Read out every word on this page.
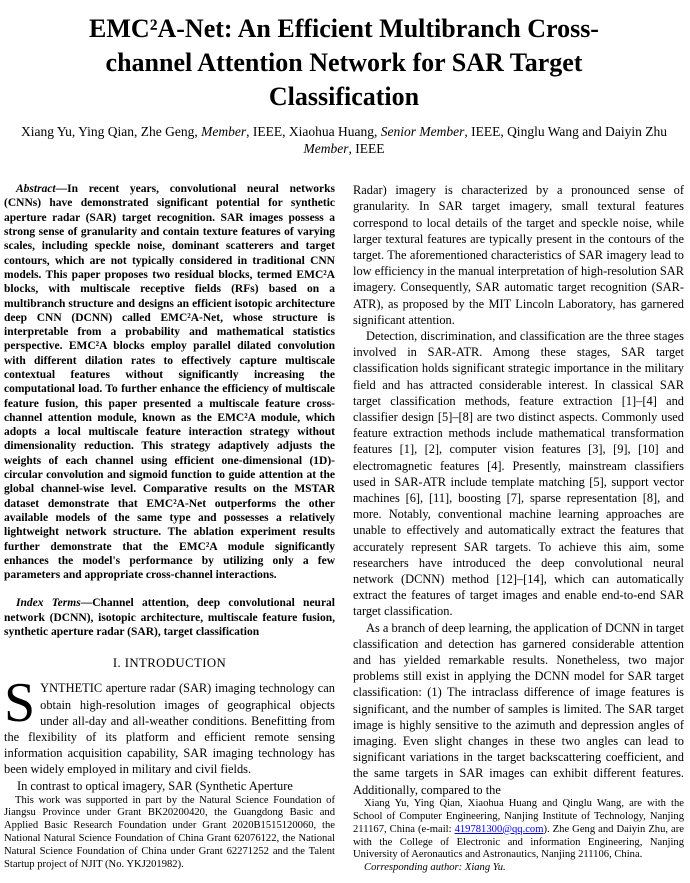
EMC²A-Net: An Efficient Multibranch Cross-channel Attention Network for SAR Target Classification
Xiang Yu, Ying Qian, Zhe Geng, Member, IEEE, Xiaohua Huang, Senior Member, IEEE, Qinglu Wang and Daiyin Zhu Member, IEEE

Abstract—In recent years, convolutional neural networks (CNNs) have demonstrated significant potential for synthetic aperture radar (SAR) target recognition. SAR images possess a strong sense of granularity and contain texture features of varying scales, including speckle noise, dominant scatterers and target contours, which are not typically considered in traditional CNN models. This paper proposes two residual blocks, termed EMC²A blocks, with multiscale receptive fields (RFs) based on a multibranch structure and designs an efficient isotopic architecture deep CNN (DCNN) called EMC²A-Net, whose structure is interpretable from a probability and mathematical statistics perspective. EMC²A blocks employ parallel dilated convolution with different dilation rates to effectively capture multiscale contextual features without significantly increasing the computational load. To further enhance the efficiency of multiscale feature fusion, this paper presented a multiscale feature cross-channel attention module, known as the EMC²A module, which adopts a local multiscale feature interaction strategy without dimensionality reduction. This strategy adaptively adjusts the weights of each channel using efficient one-dimensional (1D)-circular convolution and sigmoid function to guide attention at the global channel-wise level. Comparative results on the MSTAR dataset demonstrate that EMC²A-Net outperforms the other available models of the same type and possesses a relatively lightweight network structure. The ablation experiment results further demonstrate that the EMC²A module significantly enhances the model's performance by utilizing only a few parameters and appropriate cross-channel interactions.

Index Terms—Channel attention, deep convolutional neural network (DCNN), isotopic architecture, multiscale feature fusion, synthetic aperture radar (SAR), target classification

I. INTRODUCTION

SYNTHETIC aperture radar (SAR) imaging technology can obtain high-resolution images of geographical objects under all-day and all-weather conditions. Benefitting from the flexibility of its platform and efficient remote sensing information acquisition capability, SAR imaging technology has been widely employed in military and civil fields.

In contrast to optical imagery, SAR (Synthetic Aperture

This work was supported in part by the Natural Science Foundation of Jiangsu Province under Grant BK20200420, the Guangdong Basic and Applied Basic Research Foundation under Grant 2020B1515120060, the National Natural Science Foundation of China Grant 62076122, the National Natural Science Foundation of China under Grant 62271252 and the Talent Startup project of NJIT (No. YKJ201982).

Radar) imagery is characterized by a pronounced sense of granularity. In SAR target imagery, small textural features correspond to local details of the target and speckle noise, while larger textural features are typically present in the contours of the target. The aforementioned characteristics of SAR imagery lead to low efficiency in the manual interpretation of high-resolution SAR imagery. Consequently, SAR automatic target recognition (SAR-ATR), as proposed by the MIT Lincoln Laboratory, has garnered significant attention.

Detection, discrimination, and classification are the three stages involved in SAR-ATR. Among these stages, SAR target classification holds significant strategic importance in the military field and has attracted considerable interest. In classical SAR target classification methods, feature extraction [1]–[4] and classifier design [5]–[8] are two distinct aspects. Commonly used feature extraction methods include mathematical transformation features [1], [2], computer vision features [3], [9], [10] and electromagnetic features [4]. Presently, mainstream classifiers used in SAR-ATR include template matching [5], support vector machines [6], [11], boosting [7], sparse representation [8], and more. Notably, conventional machine learning approaches are unable to effectively and automatically extract the features that accurately represent SAR targets. To achieve this aim, some researchers have introduced the deep convolutional neural network (DCNN) method [12]–[14], which can automatically extract the features of target images and enable end-to-end SAR target classification.

As a branch of deep learning, the application of DCNN in target classification and detection has garnered considerable attention and has yielded remarkable results. Nonetheless, two major problems still exist in applying the DCNN model for SAR target classification: (1) The intraclass difference of image features is significant, and the number of samples is limited. The SAR target image is highly sensitive to the azimuth and depression angles of imaging. Even slight changes in these two angles can lead to significant variations in the target backscattering coefficient, and the same targets in SAR images can exhibit different features. Additionally, compared to the

Xiang Yu, Ying Qian, Xiaohua Huang and Qinglu Wang, are with the School of Computer Engineering, Nanjing Institute of Technology, Nanjing 211167, China (e-mail: 419781300@qq.com). Zhe Geng and Daiyin Zhu, are with the College of Electronic and information Engineering, Nanjing University of Aeronautics and Astronautics, Nanjing 211106, China.

Corresponding author: Xiang Yu.
